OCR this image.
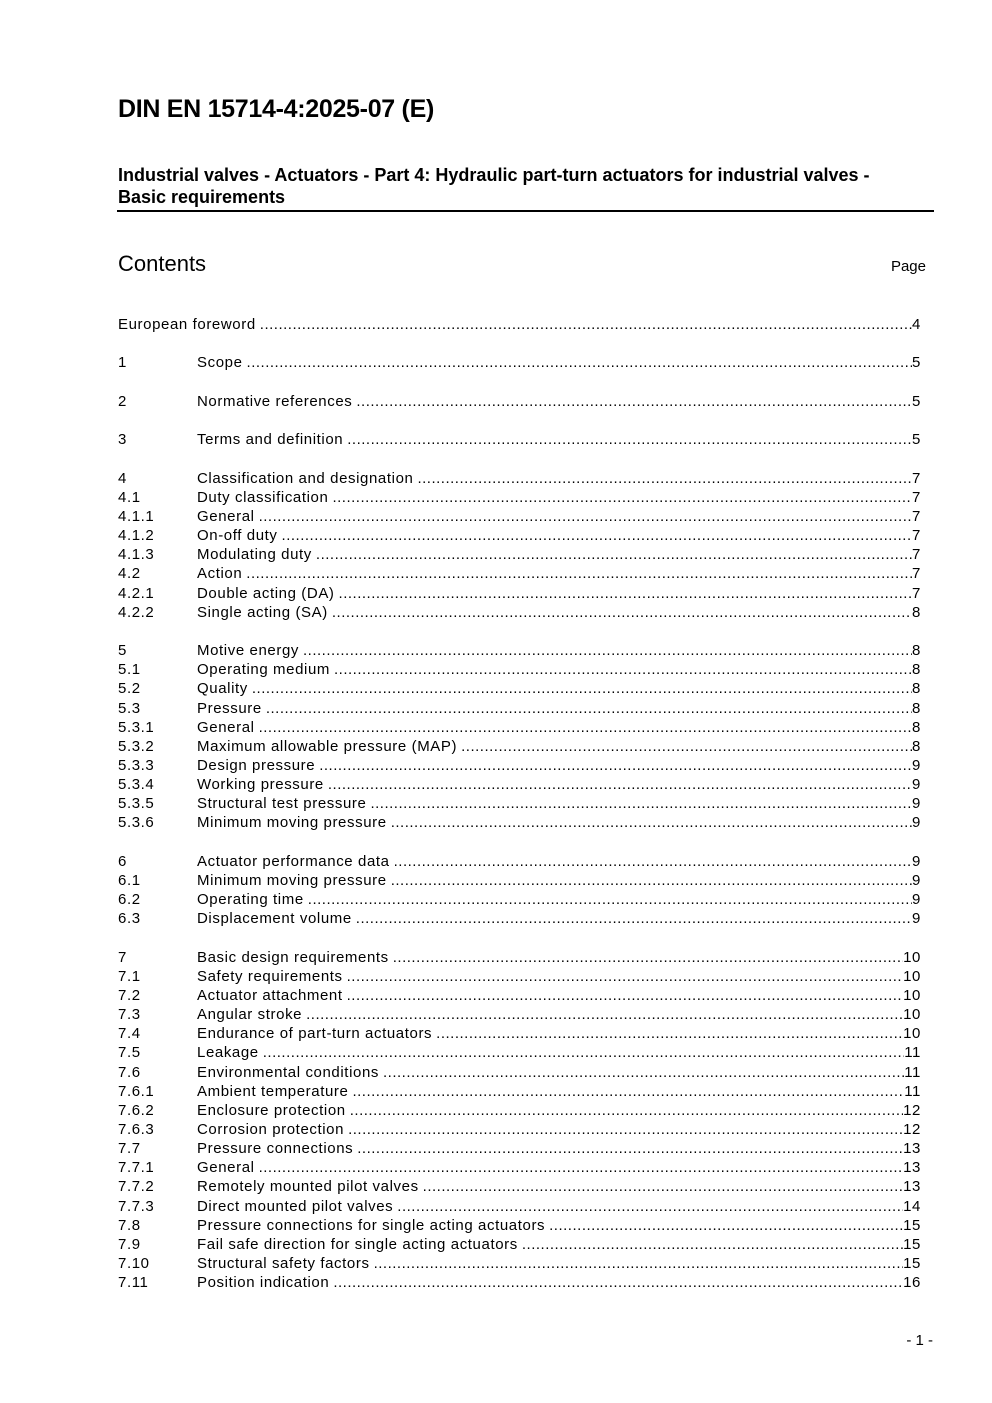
DIN EN 15714-4:2025-07 (E)
Industrial valves - Actuators - Part 4: Hydraulic part-turn actuators for industrial valves - Basic requirements
Contents	Page
European foreword .....	4
1	Scope .....	5
2	Normative references .....	5
3	Terms and definition .....	5
4	Classification and designation .....	7
4.1	Duty classification .....	7
4.1.1	General .....	7
4.1.2	On-off duty .....	7
4.1.3	Modulating duty .....	7
4.2	Action .....	7
4.2.1	Double acting (DA) .....	7
4.2.2	Single acting (SA) .....	8
5	Motive energy .....	8
5.1	Operating medium .....	8
5.2	Quality .....	8
5.3	Pressure .....	8
5.3.1	General .....	8
5.3.2	Maximum allowable pressure (MAP) .....	8
5.3.3	Design pressure .....	9
5.3.4	Working pressure .....	9
5.3.5	Structural test pressure .....	9
5.3.6	Minimum moving pressure .....	9
6	Actuator performance data .....	9
6.1	Minimum moving pressure .....	9
6.2	Operating time .....	9
6.3	Displacement volume .....	9
7	Basic design requirements .....	10
7.1	Safety requirements .....	10
7.2	Actuator attachment .....	10
7.3	Angular stroke .....	10
7.4	Endurance of part-turn actuators .....	10
7.5	Leakage .....	11
7.6	Environmental conditions .....	11
7.6.1	Ambient temperature .....	11
7.6.2	Enclosure protection .....	12
7.6.3	Corrosion protection .....	12
7.7	Pressure connections .....	13
7.7.1	General .....	13
7.7.2	Remotely mounted pilot valves .....	13
7.7.3	Direct mounted pilot valves .....	14
7.8	Pressure connections for single acting actuators .....	15
7.9	Fail safe direction for single acting actuators .....	15
7.10	Structural safety factors .....	15
7.11	Position indication .....	16
- 1 -
